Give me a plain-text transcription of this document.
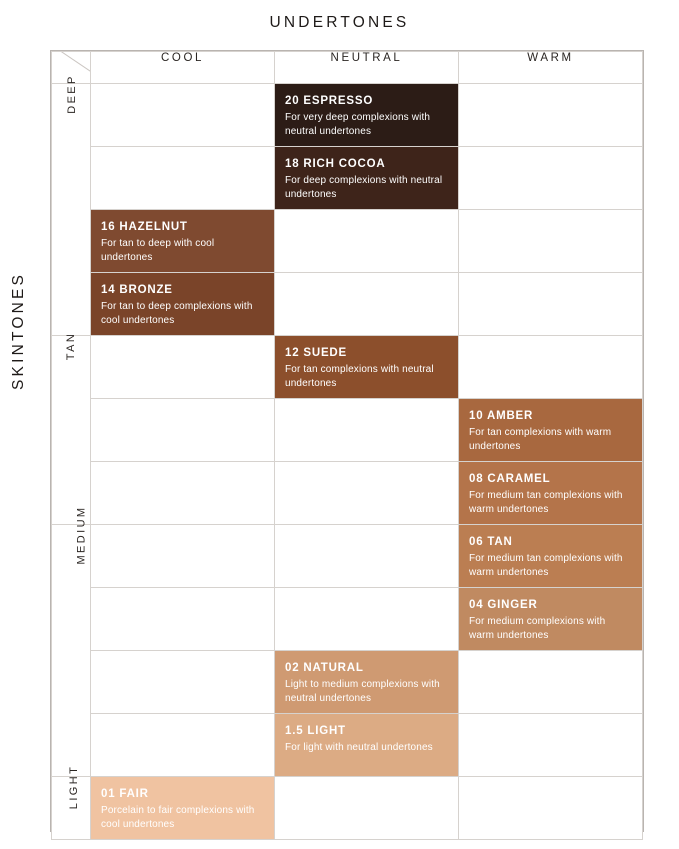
UNDERTONES
SKINTONES
	COOL	NEUTRAL	WARM
DEEP		20 ESPRESSO
For very deep complexions with neutral undertones	

		18 RICH COCOA
For deep complexions with neutral undertones	

	16 HAZELNUT
For tan to deep with cool undertones		

	14 BRONZE
For tan to deep complexions with cool undertones		

TAN		12 SUEDE
For tan complexions with neutral undertones	

			10 AMBER
For tan complexions with warm undertones

			08 CARAMEL
For medium tan complexions with warm undertones

MEDIUM			06 TAN
For medium tan complexions with warm undertones

			04 GINGER
For medium complexions with warm undertones

		02 NATURAL
Light to medium complexions with neutral undertones	

		1.5 LIGHT
For light with neutral undertones	

LIGHT	01 FAIR
Porcelain to fair complexions with cool undertones		
